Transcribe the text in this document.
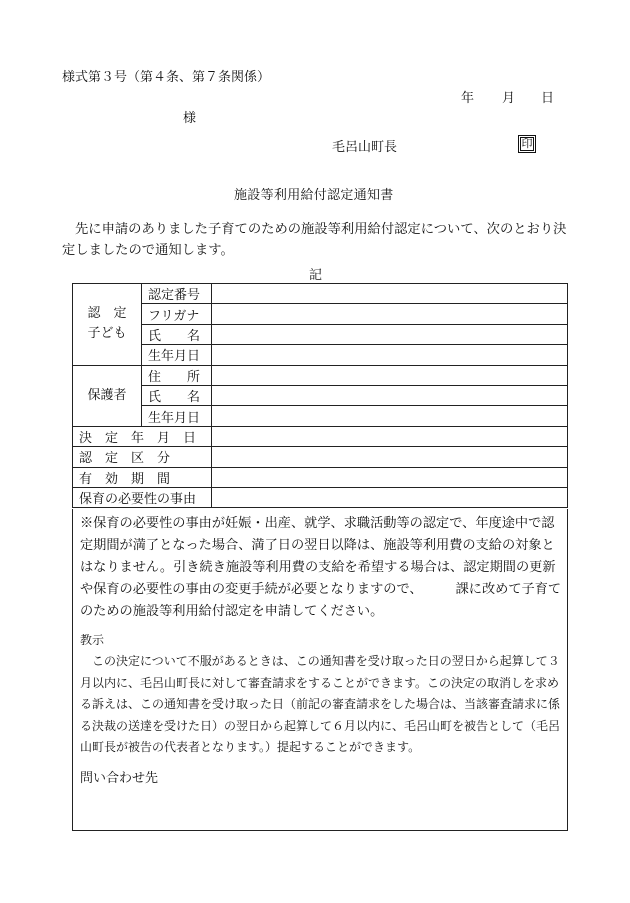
様式第３号（第４条、第７条関係）
年 月 日
様
毛呂山町長	印
施設等利用給付認定通知書
先に申請のありました子育てのための施設等利用給付認定について、次のとおり決定しましたので通知します。
記
認　定
子ども	認定番号	
	フリガナ	
	氏　　名	
	生年月日	
保護者	住　　所	
	氏　　名	
	生年月日	
決　定　年　月　日		
認　定　区　分		
有　効　期　間		
保育の必要性の事由		
※保育の必要性の事由が妊娠・出産、就学、求職活動等の認定で、年度途中で認定期間が満了となった場合、満了日の翌日以降は、施設等利用費の支給の対象とはなりません。引き続き施設等利用費の支給を希望する場合は、認定期間の更新や保育の必要性の事由の変更手続が必要となりますので、　　　課に改めて子育てのための施設等利用給付認定を申請してください。
教示
この決定について不服があるときは、この通知書を受け取った日の翌日から起算して３月以内に、毛呂山町長に対して審査請求をすることができます。この決定の取消しを求める訴えは、この通知書を受け取った日（前記の審査請求をした場合は、当該審査請求に係る決裁の送達を受けた日）の翌日から起算して６月以内に、毛呂山町を被告として（毛呂山町長が被告の代表者となります。）提起することができます。
問い合わせ先
